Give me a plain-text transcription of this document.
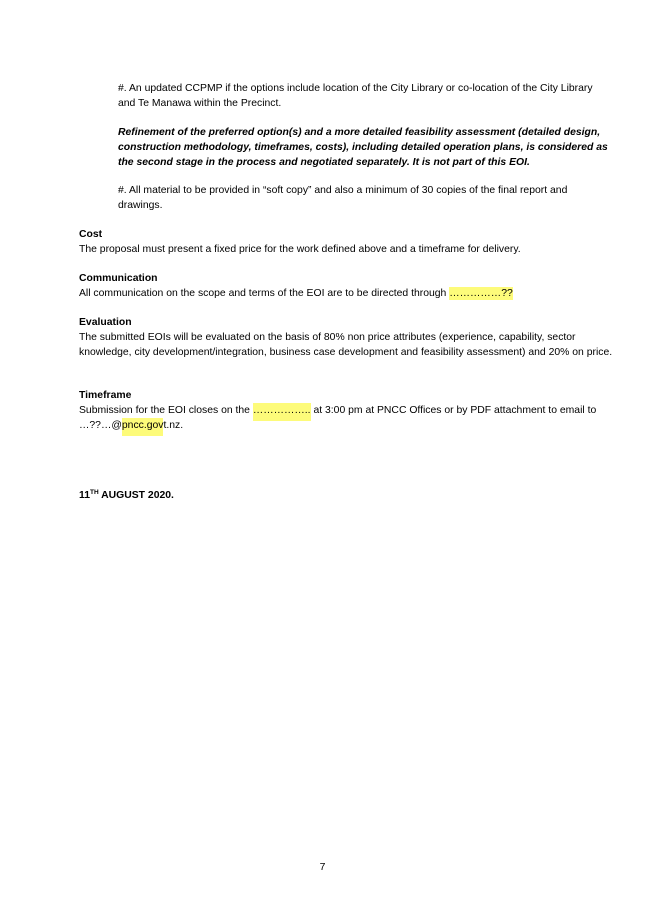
#. An updated CCPMP if the options include location of the City Library or co-location of the City Library and Te Manawa within the Precinct.

Refinement of the preferred option(s) and a more detailed feasibility assessment (detailed design, construction methodology, timeframes, costs), including detailed operation plans, is considered as the second stage in the process and negotiated separately. It is not part of this EOI.

#. All material to be provided in “soft copy” and also a minimum of 30 copies of the final report and drawings.

Cost
The proposal must present a fixed price for the work defined above and a timeframe for delivery.
Communication
All communication on the scope and terms of the EOI are to be directed through ……………??
Evaluation
The submitted EOIs will be evaluated on the basis of 80% non price attributes (experience, capability, sector knowledge, city development/integration, business case development and feasibility assessment) and 20% on price.
Timeframe
Submission for the EOI closes on the …………….. at 3:00 pm at PNCC Offices or by PDF attachment to email to
…??…@pncc.govt.nz.
11TH AUGUST 2020.
7
